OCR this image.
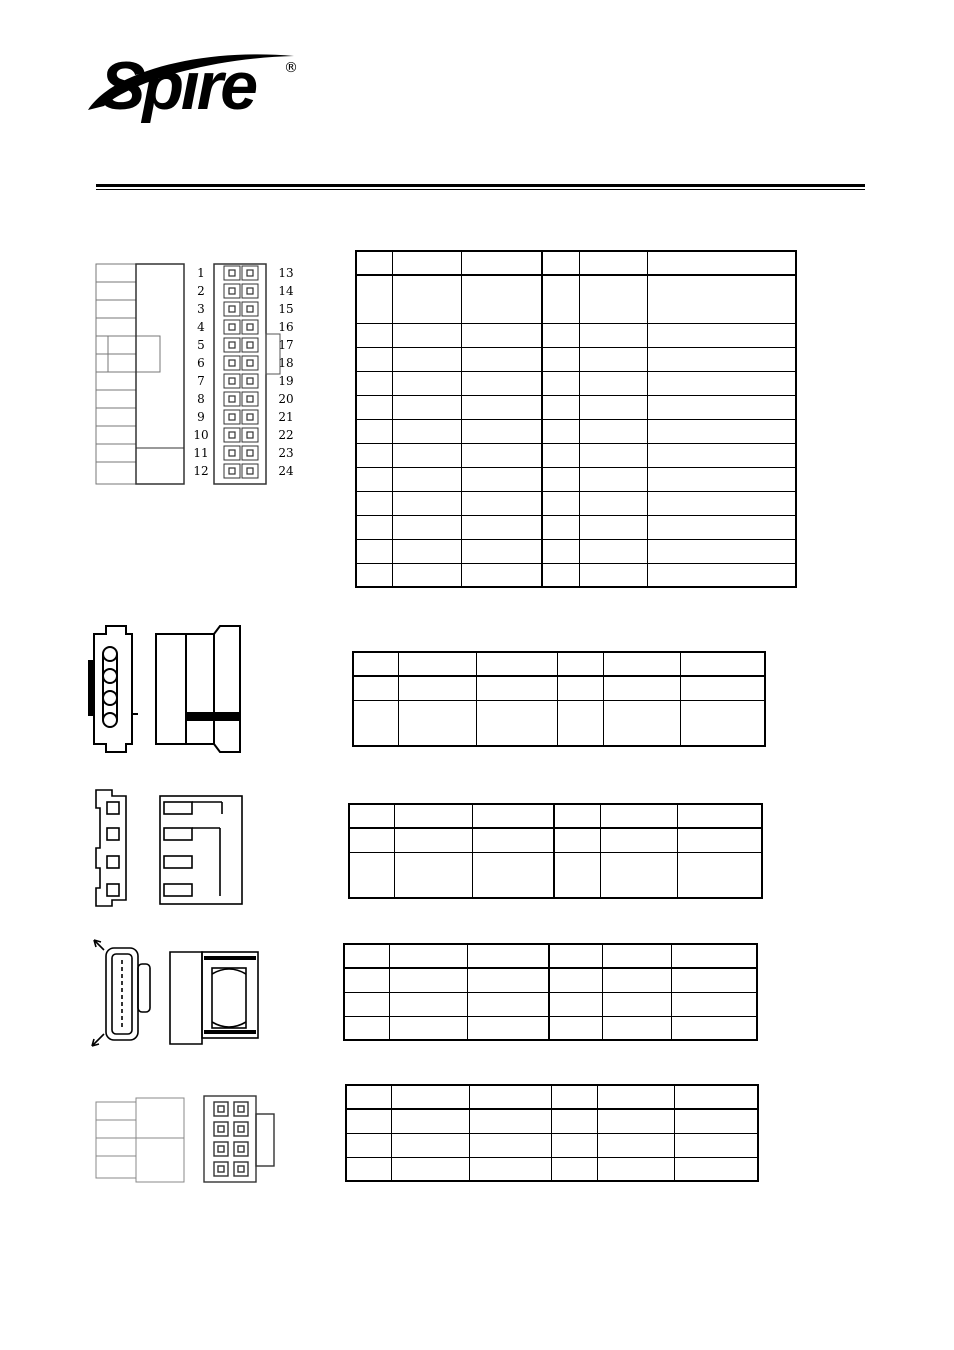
Spire ®
1
2
3
4
5
6
7
8
9
10
11
12
13
14
15
16
17
18
19
20
21
22
23
24
